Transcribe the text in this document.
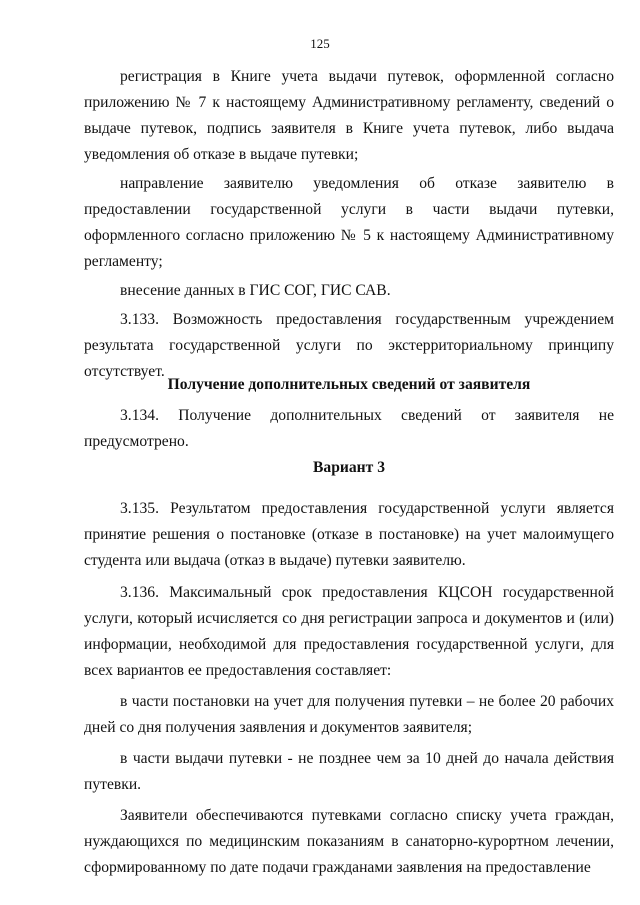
125

регистрация в Книге учета выдачи путевок, оформленной согласно приложению № 7 к настоящему Административному регламенту, сведений о выдаче путевок, подпись заявителя в Книге учета путевок, либо выдача уведомления об отказе в выдаче путевки;

направление заявителю уведомления об отказе заявителю в предоставлении государственной услуги в части выдачи путевки, оформленного согласно приложению № 5 к настоящему Административному регламенту;

внесение данных в ГИС СОГ, ГИС САВ.

3.133. Возможность предоставления государственным учреждением результата государственной услуги по экстерриториальному принципу отсутствует.

Получение дополнительных сведений от заявителя

3.134. Получение дополнительных сведений от заявителя не предусмотрено.

Вариант 3

3.135. Результатом предоставления государственной услуги является принятие решения о постановке (отказе в постановке) на учет малоимущего студента или выдача (отказ в выдаче) путевки заявителю.

3.136. Максимальный срок предоставления КЦСОН государственной услуги, который исчисляется со дня регистрации запроса и документов и (или) информации, необходимой для предоставления государственной услуги, для всех вариантов ее предоставления составляет:

в части постановки на учет для получения путевки – не более 20 рабочих дней со дня получения заявления и документов заявителя;

в части выдачи путевки - не позднее чем за 10 дней до начала действия путевки.

Заявители обеспечиваются путевками согласно списку учета граждан, нуждающихся по медицинским показаниям в санаторно-курортном лечении, сформированному по дате подачи гражданами заявления на предоставление
